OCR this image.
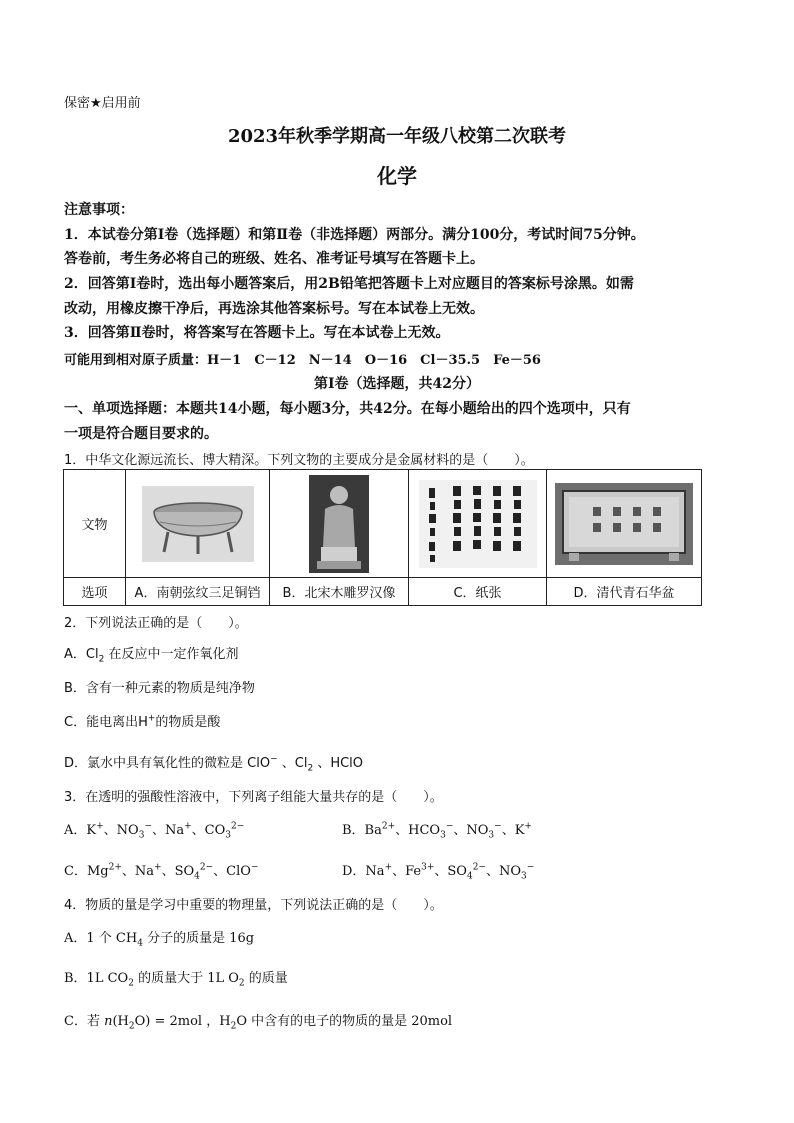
保密★启用前
2023年秋季学期高一年级八校第二次联考
化学
注意事项：
1．本试卷分第Ⅰ卷（选择题）和第Ⅱ卷（非选择题）两部分。满分100分，考试时间75分钟。
答卷前，考生务必将自己的班级、姓名、准考证号填写在答题卡上。
2．回答第Ⅰ卷时，选出每小题答案后，用2B铅笔把答题卡上对应题目的答案标号涂黑。如需
改动，用橡皮擦干净后，再选涂其他答案标号。写在本试卷上无效。
3．回答第Ⅱ卷时，将答案写在答题卡上。写在本试卷上无效。
可能用到相对原子质量：H－1　C－12　N－14　O－16　Cl－35.5　Fe－56
第Ⅰ卷（选择题，共42分）
一、单项选择题：本题共14小题，每小题3分，共42分。在每小题给出的四个选项中，只有
一项是符合题目要求的。
1．中华文化源远流长、博大精深。下列文物的主要成分是金属材料的是（　　）。
文物				
选项	A．南朝弦纹三足铜铛	B．北宋木雕罗汉像	C．纸张	D．清代青石华盆
2．下列说法正确的是（　　）。
A．$Cl_2$ 在反应中一定作氧化剂
B．含有一种元素的物质是纯净物
C．能电离出H+的物质是酸
D．氯水中具有氧化性的微粒是 ClO− 、$Cl_2$ 、HClO
3．在透明的强酸性溶液中，下列离子组能大量共存的是（　　）。
A．K+、$NO_3^-$、Na+、$CO_3^{2-}$	B．$Ba^{2+}$、$HCO_3^-$、$NO_3^-$、K+
C．$Mg^{2+}$、Na+、$SO_4^{2-}$、ClO−	D．Na+、$Fe^{3+}$、$SO_4^{2-}$、$NO_3^-$
4．物质的量是学习中重要的物理量，下列说法正确的是（　　）。
A．1 个 $CH_4$ 分子的质量是 16g
B．1L $CO_2$ 的质量大于 1L $O_2$ 的质量
C．若 $n(H_2O) = 2mol$ ，$H_2O$ 中含有的电子的物质的量是 20mol
